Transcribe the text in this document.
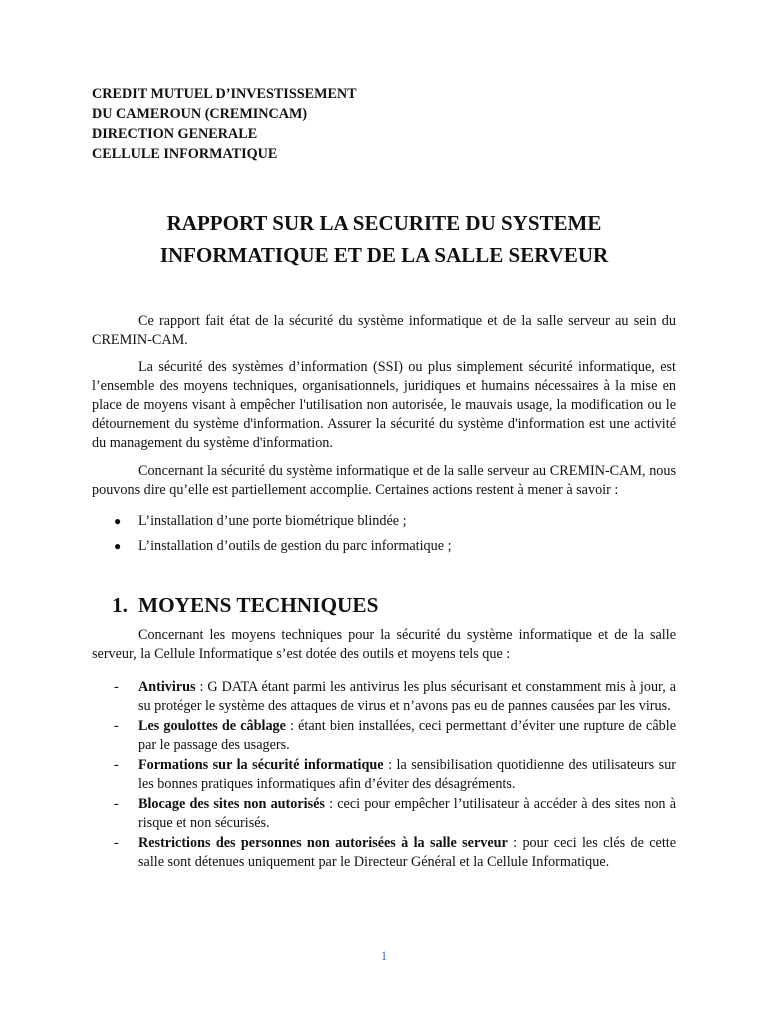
CREDIT MUTUEL D’INVESTISSEMENT
DU CAMEROUN (CREMINCAM)
DIRECTION GENERALE
CELLULE INFORMATIQUE
RAPPORT SUR LA SECURITE DU SYSTEME
INFORMATIQUE ET DE LA SALLE SERVEUR

Ce rapport fait état de la sécurité du système informatique et de la salle serveur au sein du CREMIN-CAM.

La sécurité des systèmes d’information (SSI) ou plus simplement sécurité informatique, est l’ensemble des moyens techniques, organisationnels, juridiques et humains nécessaires à la mise en place de moyens visant à empêcher l'utilisation non autorisée, le mauvais usage, la modification ou le détournement du système d'information. Assurer la sécurité du système d'information est une activité du management du système d'information.

Concernant la sécurité du système informatique et de la salle serveur au CREMIN-CAM, nous pouvons dire qu’elle est partiellement accomplie. Certaines actions restent à mener à savoir :

● L’installation d’une porte biométrique blindée ;
● L’installation d’outils de gestion du parc informatique ;
1. MOYENS TECHNIQUES

Concernant les moyens techniques pour la sécurité du système informatique et de la salle serveur, la Cellule Informatique s’est dotée des outils et moyens tels que :

- Antivirus : G DATA étant parmi les antivirus les plus sécurisant et constamment mis à jour, a su protéger le système des attaques de virus et n’avons pas eu de pannes causées par les virus.
- Les goulottes de câblage : étant bien installées, ceci permettant d’éviter une rupture de câble par le passage des usagers.
- Formations sur la sécurité informatique : la sensibilisation quotidienne des utilisateurs sur les bonnes pratiques informatiques afin d’éviter des désagréments.
- Blocage des sites non autorisés : ceci pour empêcher l’utilisateur à accéder à des sites non à risque et non sécurisés.
- Restrictions des personnes non autorisées à la salle serveur : pour ceci les clés de cette salle sont détenues uniquement par le Directeur Général et la Cellule Informatique.
1
